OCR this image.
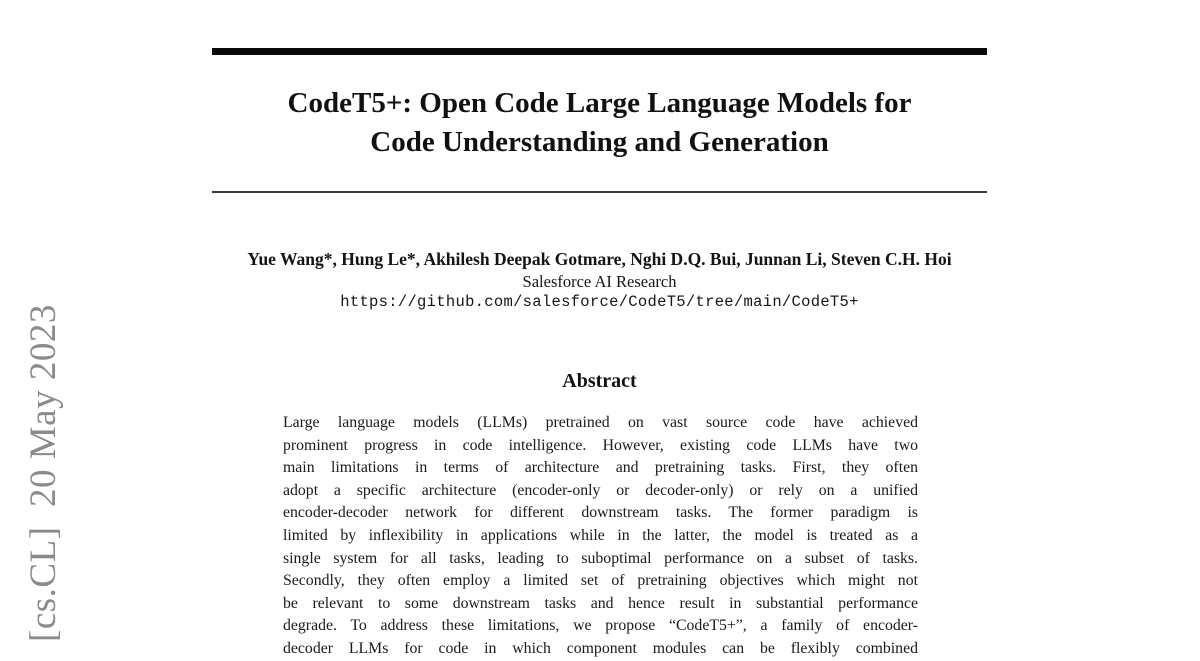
[cs.CL]  20 May 2023
CodeT5+: Open Code Large Language Models for
Code Understanding and Generation
Yue Wang*, Hung Le*, Akhilesh Deepak Gotmare, Nghi D.Q. Bui, Junnan Li, Steven C.H. Hoi
Salesforce AI Research
https://github.com/salesforce/CodeT5/tree/main/CodeT5+
Abstract
Large language models (LLMs) pretrained on vast source code have achieved
prominent progress in code intelligence. However, existing code LLMs have two
main limitations in terms of architecture and pretraining tasks. First, they often
adopt a specific architecture (encoder-only or decoder-only) or rely on a unified
encoder-decoder network for different downstream tasks. The former paradigm is
limited by inflexibility in applications while in the latter, the model is treated as a
single system for all tasks, leading to suboptimal performance on a subset of tasks.
Secondly, they often employ a limited set of pretraining objectives which might not
be relevant to some downstream tasks and hence result in substantial performance
degrade. To address these limitations, we propose “CodeT5+”, a family of encoder-
decoder LLMs for code in which component modules can be flexibly combined
